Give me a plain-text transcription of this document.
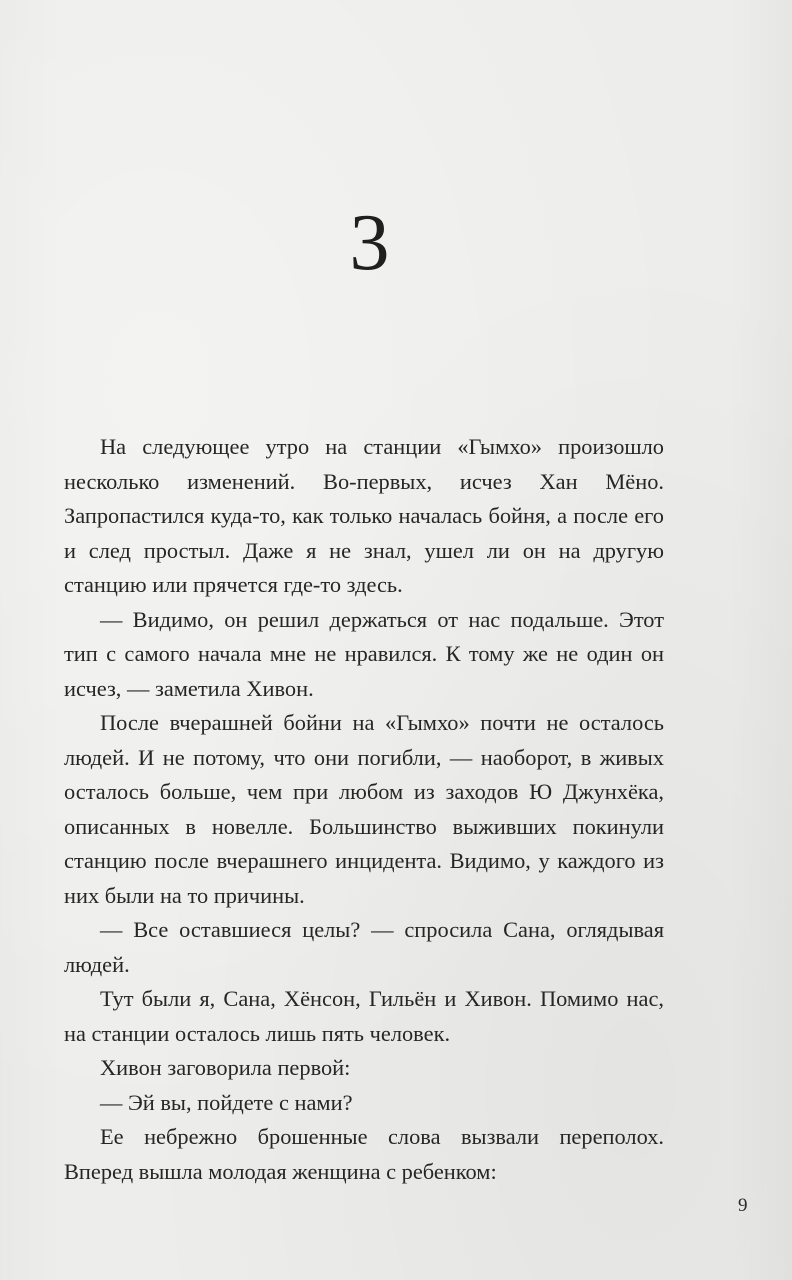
3

На следующее утро на станции «Гымхо» произошло несколько изменений. Во-первых, исчез Хан Мёно. Запропастился куда-то, как только началась бойня, а после его и след простыл. Даже я не знал, ушел ли он на другую станцию или прячется где-то здесь.

— Видимо, он решил держаться от нас подальше. Этот тип с самого начала мне не нравился. К тому же не один он исчез, — заметила Хивон.

После вчерашней бойни на «Гымхо» почти не осталось людей. И не потому, что они погибли, — наоборот, в живых осталось больше, чем при любом из заходов Ю Джунхёка, описанных в новелле. Большинство выживших покинули станцию после вчерашнего инцидента. Видимо, у каждого из них были на то причины.

— Все оставшиеся целы? — спросила Сана, оглядывая людей.

Тут были я, Сана, Хёнсон, Гильён и Хивон. Помимо нас, на станции осталось лишь пять человек.

Хивон заговорила первой:

— Эй вы, пойдете с нами?

Ее небрежно брошенные слова вызвали переполох. Вперед вышла молодая женщина с ребенком:

9
